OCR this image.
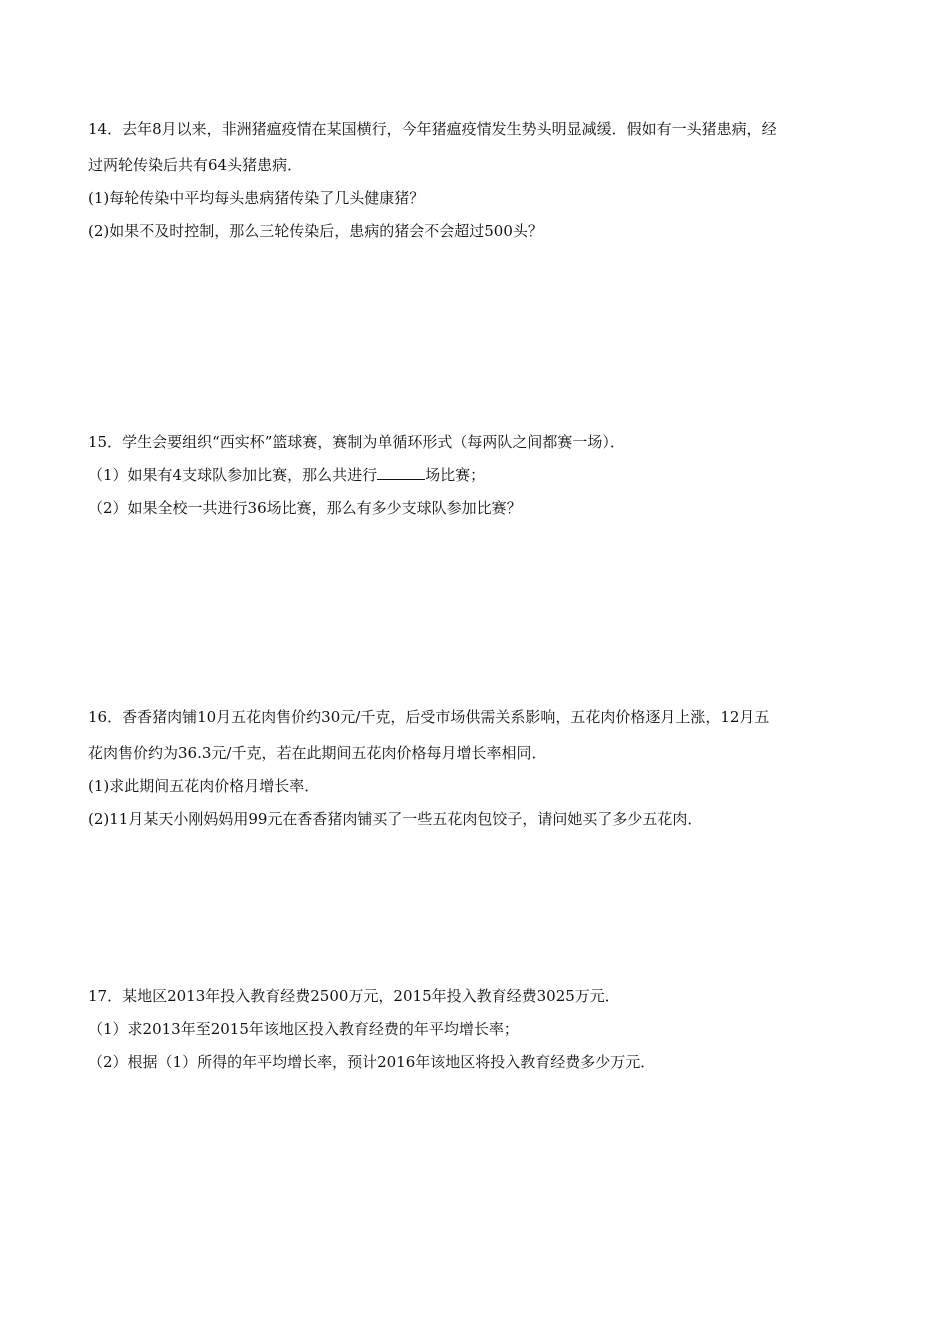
14．去年8月以来，非洲猪瘟疫情在某国横行，今年猪瘟疫情发生势头明显减缓．假如有一头猪患病，经

过两轮传染后共有64头猪患病．

(1)每轮传染中平均每头患病猪传染了几头健康猪？

(2)如果不及时控制，那么三轮传染后，患病的猪会不会超过500头？

15．学生会要组织“西实杯”篮球赛，赛制为单循环形式（每两队之间都赛一场）．

（1）如果有4支球队参加比赛，那么共进行	场比赛；

（2）如果全校一共进行36场比赛，那么有多少支球队参加比赛？

16．香香猪肉铺10月五花肉售价约30元/千克，后受市场供需关系影响，五花肉价格逐月上涨，12月五

花肉售价约为36.3元/千克，若在此期间五花肉价格每月增长率相同．

(1)求此期间五花肉价格月增长率．

(2)11月某天小刚妈妈用99元在香香猪肉铺买了一些五花肉包饺子，请问她买了多少五花肉．

17．某地区2013年投入教育经费2500万元，2015年投入教育经费3025万元．

（1）求2013年至2015年该地区投入教育经费的年平均增长率；

（2）根据（1）所得的年平均增长率，预计2016年该地区将投入教育经费多少万元．
